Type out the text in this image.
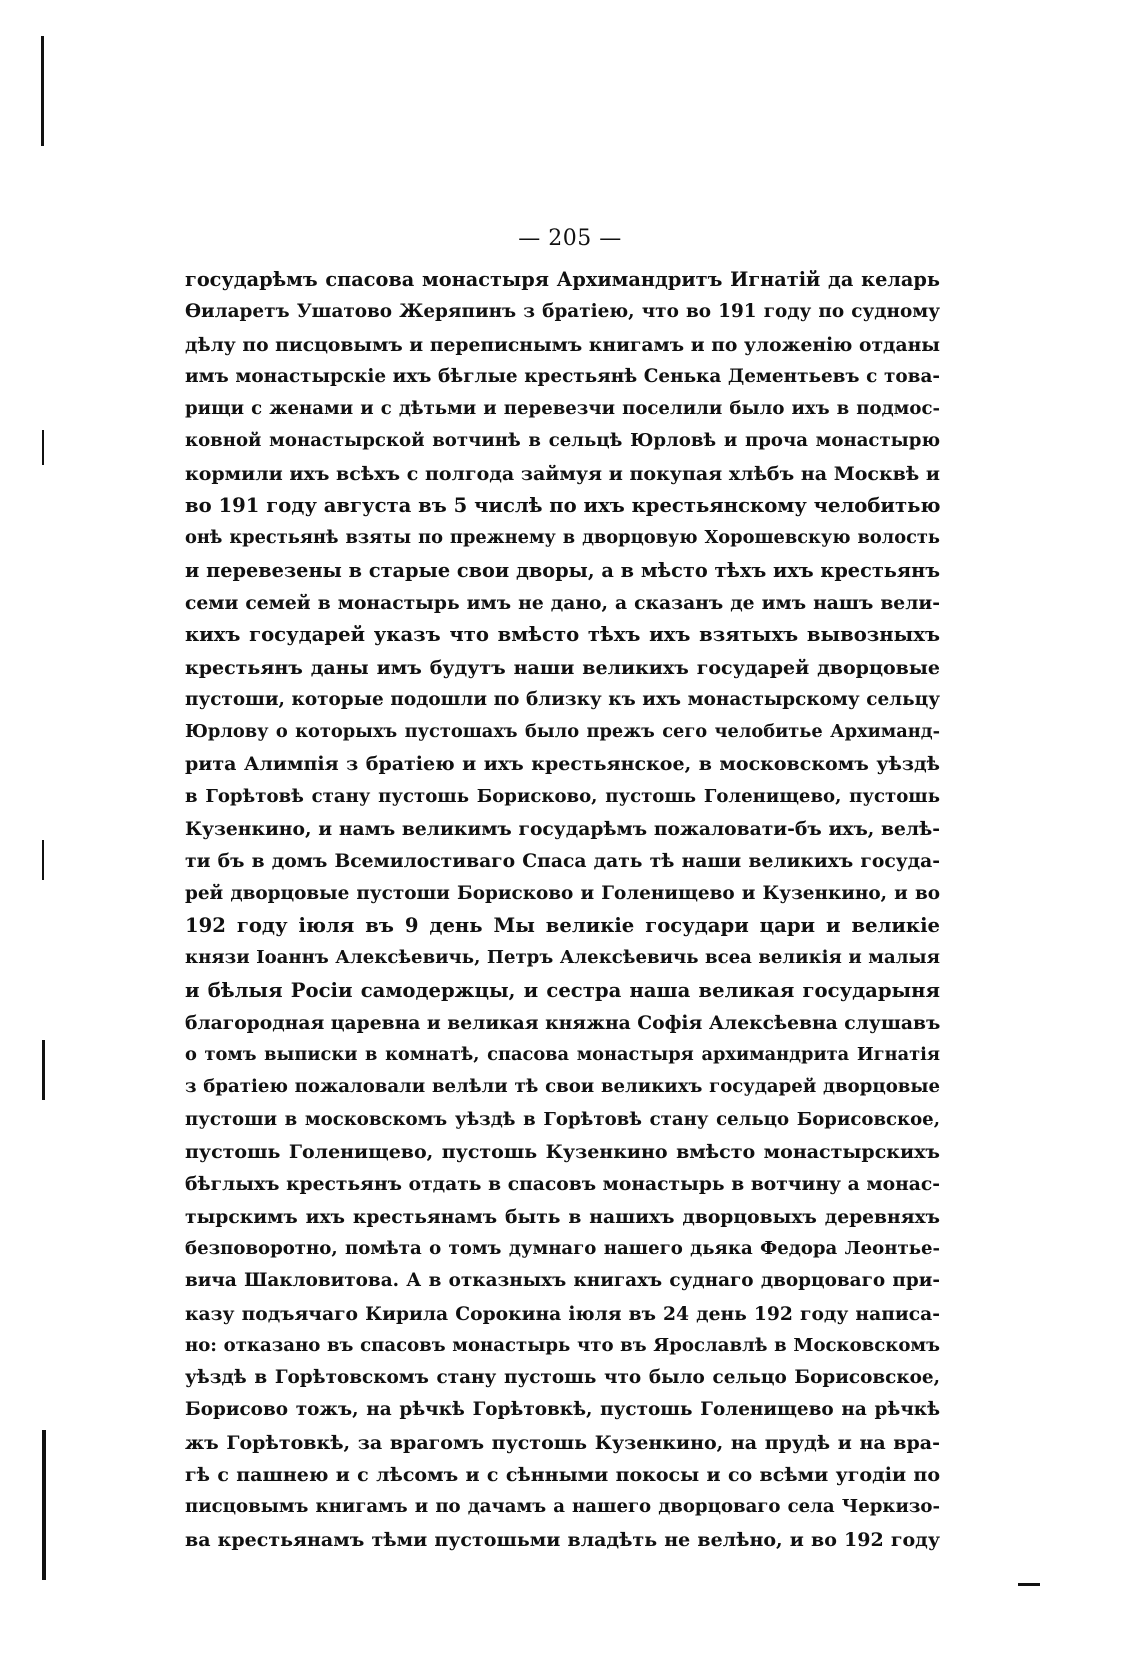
— 205 —
государѣмъ спасова монастыря Архимандритъ Игнатій да келарь
Ѳиларетъ Ушатово Жеряпинъ з братіею, что во 191 году по судному
дѣлу по писцовымъ и переписнымъ книгамъ и по уложенію отданы
имъ монастырскіе ихъ бѣглые крестьянѣ Сенька Дементьевъ с това-
рищи с женами и с дѣтьми и перевезчи поселили было ихъ в подмос-
ковной монастырской вотчинѣ в сельцѣ Юрловѣ и проча монастырю
кормили ихъ всѣхъ с полгода займуя и покупая хлѣбъ на Москвѣ и
во 191 году августа въ 5 числѣ по ихъ крестьянскому челобитью
онѣ крестьянѣ взяты по прежнему в дворцовую Хорошевскую волость
и перевезены в старые свои дворы, а в мѣсто тѣхъ ихъ крестьянъ
семи семей в монастырь имъ не дано, а сказанъ де имъ нашъ вели-
кихъ государей указъ что вмѣсто тѣхъ ихъ взятыхъ вывозныхъ
крестьянъ даны имъ будутъ наши великихъ государей дворцовые
пустоши, которые подошли по близку къ ихъ монастырскому сельцу
Юрлову о которыхъ пустошахъ было прежъ сего челобитье Архиманд-
рита Алимпія з братіею и ихъ крестьянское, в московскомъ уѣздѣ
в Горѣтовѣ стану пустошь Борисково, пустошь Голенищево, пустошь
Кузенкино, и намъ великимъ государѣмъ пожаловати-бъ ихъ, велѣ-
ти бъ в домъ Всемилостиваго Спаса дать тѣ наши великихъ госуда-
рей дворцовые пустоши Борисково и Голенищево и Кузенкино, и во
192 году іюля въ 9 день Мы великіе государи цари и великіе
князи Іоаннъ Алексѣевичь, Петръ Алексѣевичь всеа великія и малыя
и бѣлыя Росіи самодержцы, и сестра наша великая государыня
благородная царевна и великая княжна Софія Алексѣевна слушавъ
о томъ выписки в комнатѣ, спасова монастыря архимандрита Игнатія
з братіею пожаловали велѣли тѣ свои великихъ государей дворцовые
пустоши в московскомъ уѣздѣ в Горѣтовѣ стану сельцо Борисовское,
пустошь Голенищево, пустошь Кузенкино вмѣсто монастырскихъ
бѣглыхъ крестьянъ отдать в спасовъ монастырь в вотчину а монас-
тырскимъ ихъ крестьянамъ быть в нашихъ дворцовыхъ деревняхъ
безповоротно, помѣта о томъ думнаго нашего дьяка Федора Леонтье-
вича Шакловитова. А в отказныхъ книгахъ суднаго дворцоваго при-
казу подъячаго Кирила Сорокина іюля въ 24 день 192 году написа-
но: отказано въ спасовъ монастырь что въ Ярославлѣ в Московскомъ
уѣздѣ в Горѣтовскомъ стану пустошь что было сельцо Борисовское,
Борисово тожъ, на рѣчкѣ Горѣтовкѣ, пустошь Голенищево на рѣчкѣ
жъ Горѣтовкѣ, за врагомъ пустошь Кузенкино, на прудѣ и на вра-
гѣ с пашнею и с лѣсомъ и с сѣнными покосы и со всѣми угодіи по
писцовымъ книгамъ и по дачамъ а нашего дворцоваго села Черкизо-
ва крестьянамъ тѣми пустошьми владѣть не велѣно, и во 192 году
